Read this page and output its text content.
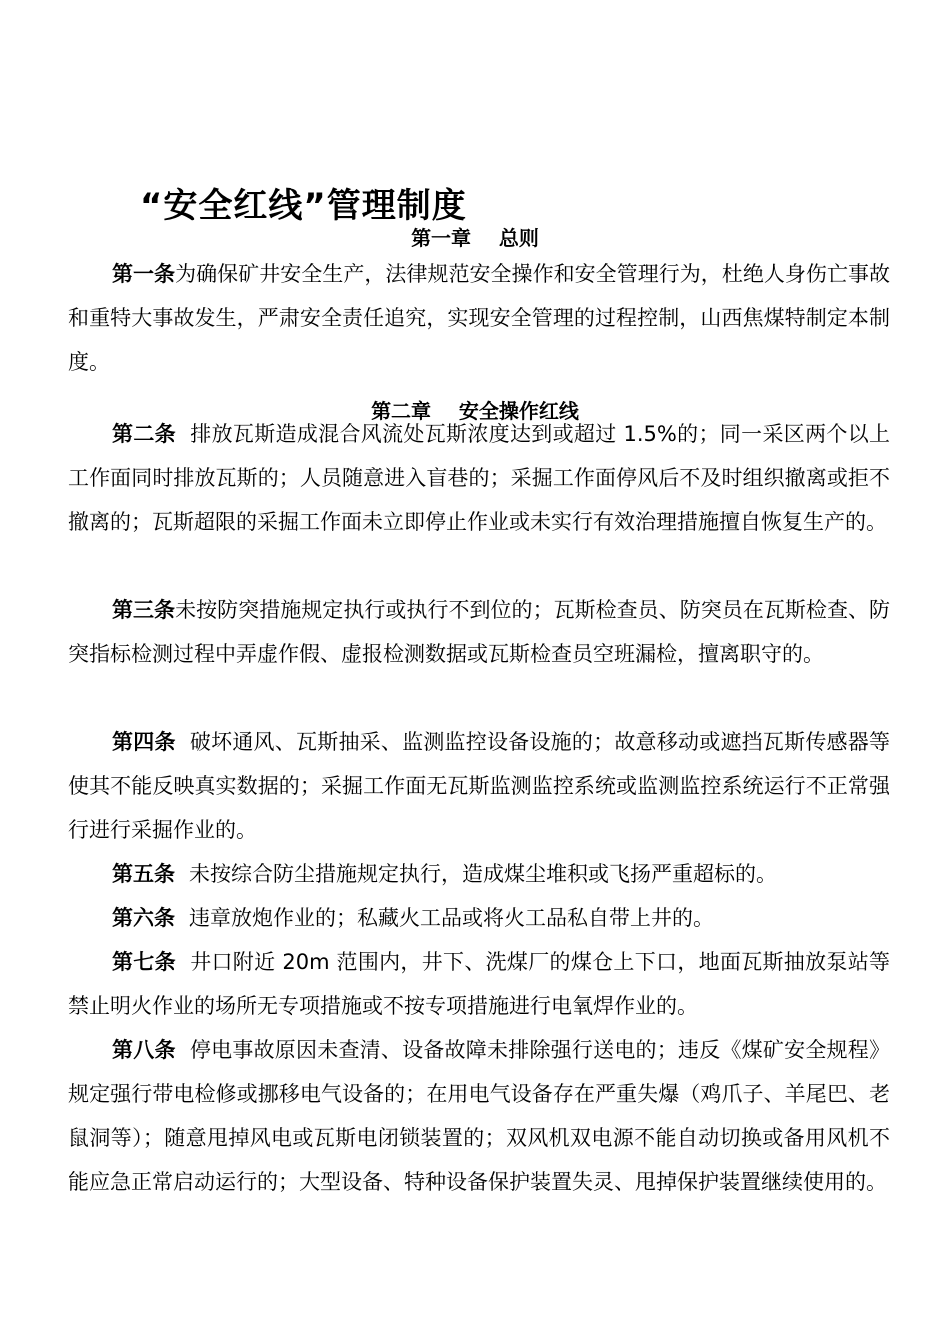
“安全红线”管理制度
第一章    总则
第一条为确保矿井安全生产，法律规范安全操作和安全管理行为，杜绝人身伤亡事故和重特大事故发生，严肃安全责任追究，实现安全管理的过程控制，山西焦煤特制定本制度。
第二章    安全操作红线
第二条 排放瓦斯造成混合风流处瓦斯浓度达到或超过 1.5%的；同一采区两个以上工作面同时排放瓦斯的；人员随意进入盲巷的；采掘工作面停风后不及时组织撤离或拒不撤离的；瓦斯超限的采掘工作面未立即停止作业或未实行有效治理措施擅自恢复生产的。
第三条未按防突措施规定执行或执行不到位的；瓦斯检查员、防突员在瓦斯检查、防突指标检测过程中弄虚作假、虚报检测数据或瓦斯检查员空班漏检，擅离职守的。
第四条 破坏通风、瓦斯抽采、监测监控设备设施的；故意移动或遮挡瓦斯传感器等使其不能反映真实数据的；采掘工作面无瓦斯监测监控系统或监测监控系统运行不正常强行进行采掘作业的。
第五条 未按综合防尘措施规定执行，造成煤尘堆积或飞扬严重超标的。
第六条 违章放炮作业的；私藏火工品或将火工品私自带上井的。
第七条 井口附近 20m 范围内，井下、洗煤厂的煤仓上下口，地面瓦斯抽放泵站等禁止明火作业的场所无专项措施或不按专项措施进行电氧焊作业的。
第八条 停电事故原因未查清、设备故障未排除强行送电的；违反《煤矿安全规程》规定强行带电检修或挪移电气设备的；在用电气设备存在严重失爆（鸡爪子、羊尾巴、老鼠洞等）；随意甩掉风电或瓦斯电闭锁装置的；双风机双电源不能自动切换或备用风机不能应急正常启动运行的；大型设备、特种设备保护装置失灵、甩掉保护装置继续使用的。
